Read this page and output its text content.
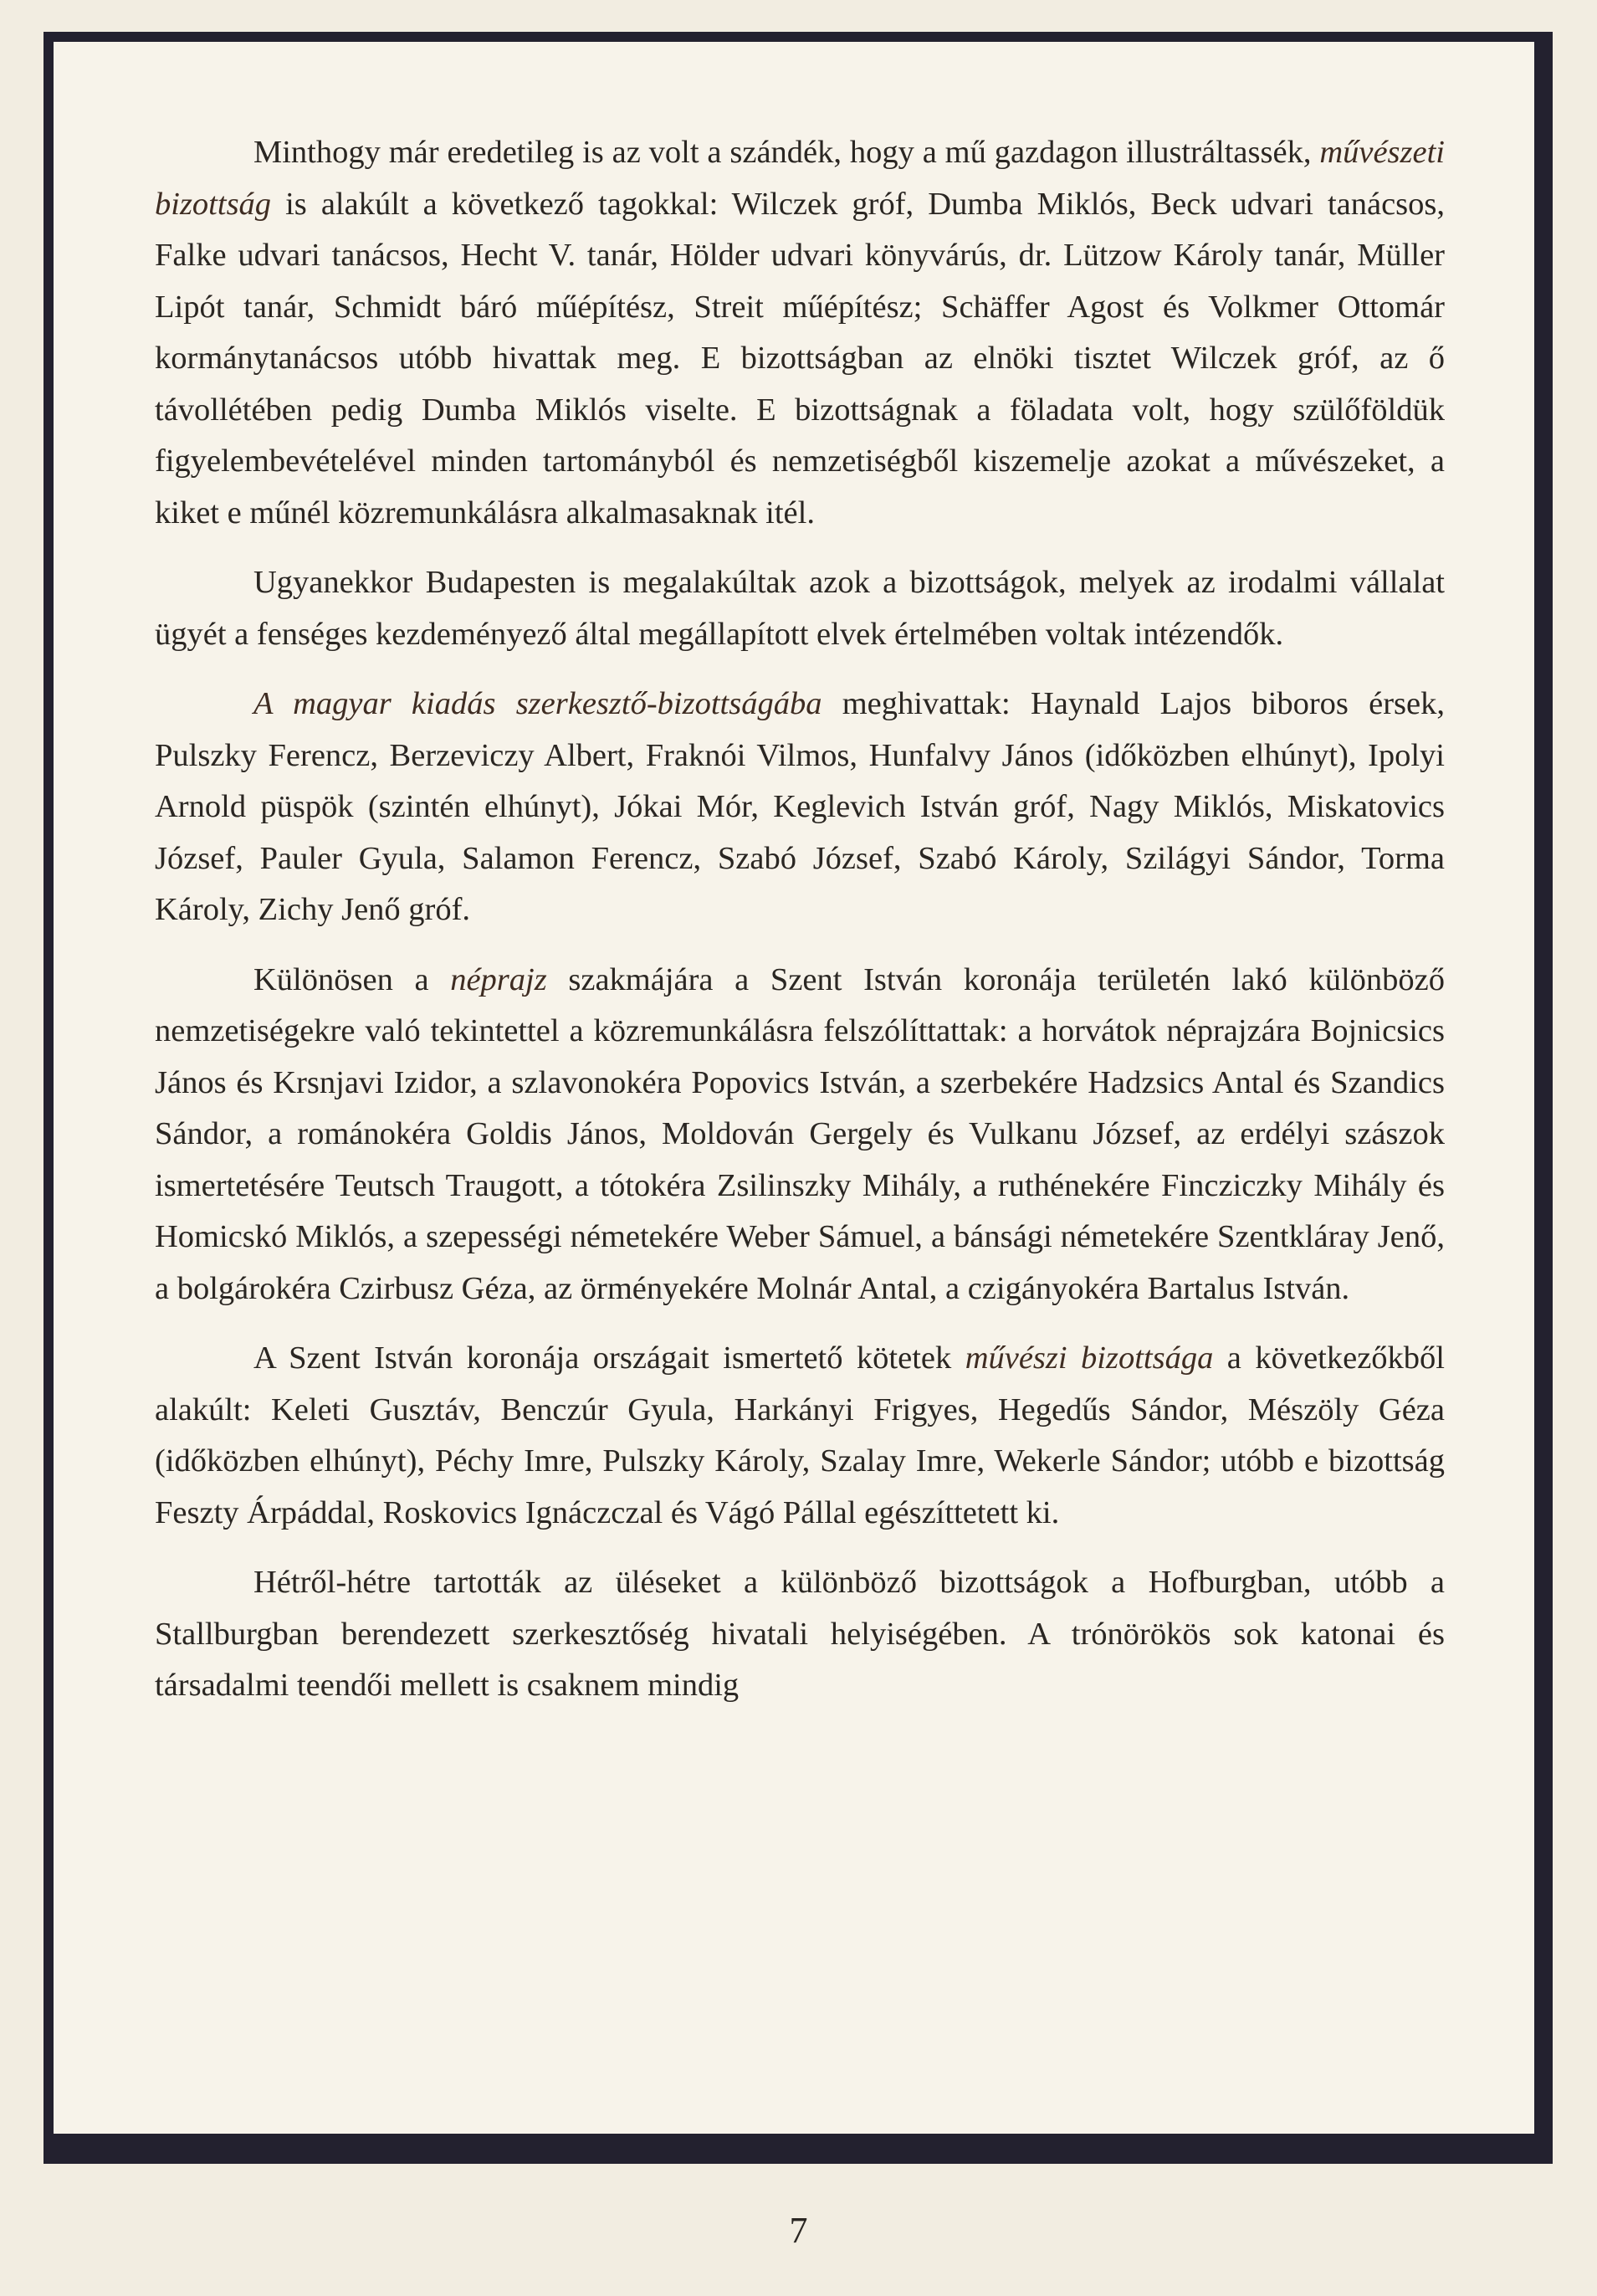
Minthogy már eredetileg is az volt a szándék, hogy a mű gazdagon illustráltassék, művészeti bizottság is alakúlt a következő tagokkal: Wilczek gróf, Dumba Miklós, Beck udvari tanácsos, Falke udvari tanácsos, Hecht V. tanár, Hölder udvari könyvárús, dr. Lützow Károly tanár, Müller Lipót tanár, Schmidt báró műépítész, Streit műépítész; Schäffer Agost és Volkmer Ottomár kormánytanácsos utóbb hivattak meg. E bizottságban az elnöki tisztet Wilczek gróf, az ő távollétében pedig Dumba Miklós viselte. E bizottságnak a föladata volt, hogy szülőföldük figyelembevételével minden tartományból és nemzetiségből kiszemelje azokat a művészeket, a kiket e műnél közremunkálásra alkalmasaknak itél.

Ugyanekkor Budapesten is megalakúltak azok a bizottságok, melyek az irodalmi vállalat ügyét a fenséges kezdeményező által megállapított elvek értelmében voltak intézendők.

A magyar kiadás szerkesztő-bizottságába meghivattak: Haynald Lajos biboros érsek, Pulszky Ferencz, Berzeviczy Albert, Fraknói Vilmos, Hunfalvy János (időközben elhúnyt), Ipolyi Arnold püspök (szintén elhúnyt), Jókai Mór, Keglevich István gróf, Nagy Miklós, Miskatovics József, Pauler Gyula, Salamon Ferencz, Szabó József, Szabó Károly, Szilágyi Sándor, Torma Károly, Zichy Jenő gróf.

Különösen a néprajz szakmájára a Szent István koronája területén lakó különböző nemzetiségekre való tekintettel a közremunkálásra felszólíttattak: a horvátok néprajzára Bojnicsics János és Krsnjavi Izidor, a szlavonokéra Popovics István, a szerbekére Hadzsics Antal és Szandics Sándor, a románokéra Goldis János, Moldován Gergely és Vulkanu József, az erdélyi szászok ismertetésére Teutsch Traugott, a tótokéra Zsilinszky Mihály, a ruthénekére Fincziczky Mihály és Homicskó Miklós, a szepességi németekére Weber Sámuel, a bánsági németekére Szentkláray Jenő, a bolgárokéra Czirbusz Géza, az örményekére Molnár Antal, a czigányokéra Bartalus István.

A Szent István koronája országait ismertető kötetek művészi bizottsága a következőkből alakúlt: Keleti Gusztáv, Benczúr Gyula, Harkányi Frigyes, Hegedűs Sándor, Mészöly Géza (időközben elhúnyt), Péchy Imre, Pulszky Károly, Szalay Imre, Wekerle Sándor; utóbb e bizottság Feszty Árpáddal, Roskovics Ignáczczal és Vágó Pállal egészíttetett ki.

Hétről-hétre tartották az üléseket a különböző bizottságok a Hofburgban, utóbb a Stallburgban berendezett szerkesztőség hivatali helyiségében. A trónörökös sok katonai és társadalmi teendői mellett is csaknem mindig

7
